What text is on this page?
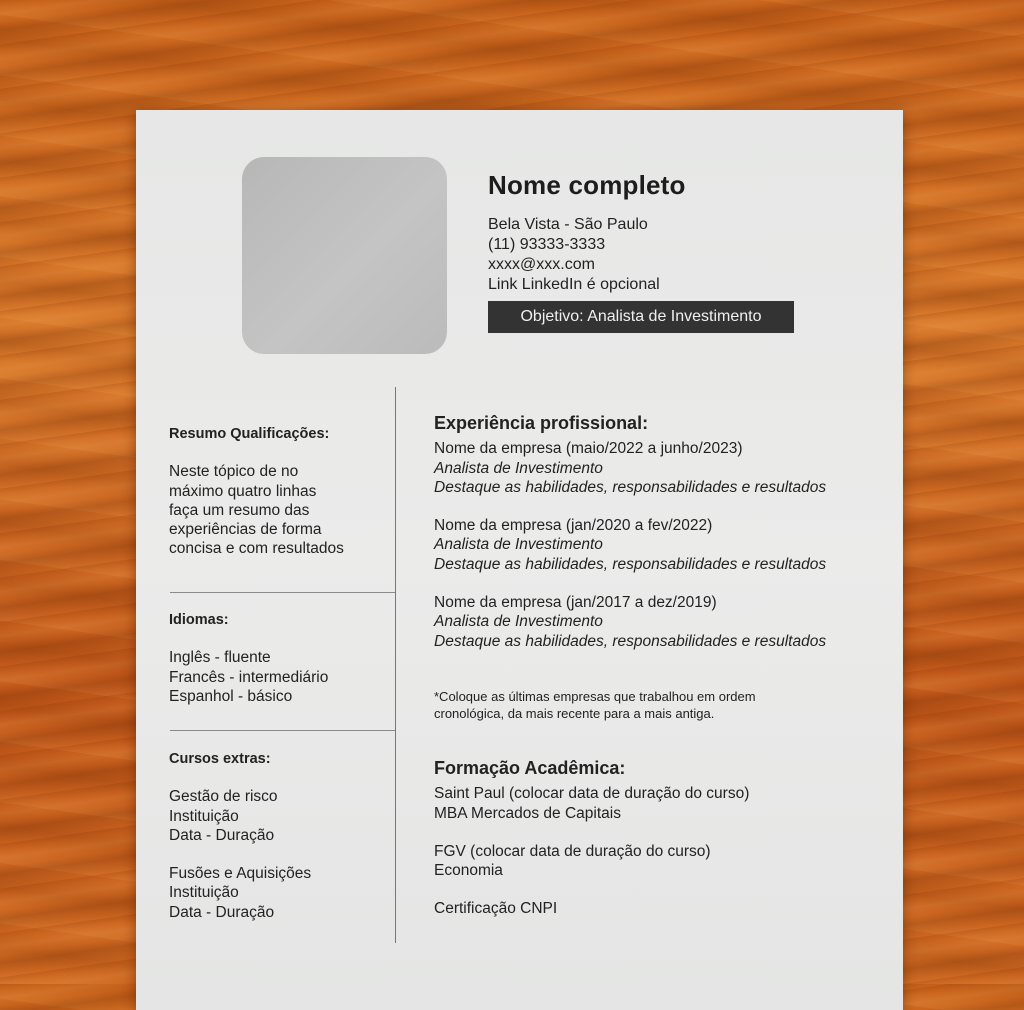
Nome completo
Bela Vista - São Paulo
(11) 93333-3333
xxxx@xxx.com
Link LinkedIn é opcional
Objetivo: Analista de Investimento
Resumo Qualificações:
Neste tópico de no
máximo quatro linhas
faça um resumo das
experiências de forma
concisa e com resultados
Idiomas:
Inglês - fluente
Francês - intermediário
Espanhol - básico
Cursos extras:
Gestão de risco
Instituição
Data - Duração
Fusões e Aquisições
Instituição
Data - Duração
Experiência profissional:
Nome da empresa (maio/2022 a junho/2023)
Analista de Investimento
Destaque as habilidades, responsabilidades e resultados
Nome da empresa (jan/2020 a fev/2022)
Analista de Investimento
Destaque as habilidades, responsabilidades e resultados
Nome da empresa (jan/2017 a dez/2019)
Analista de Investimento
Destaque as habilidades, responsabilidades e resultados
*Coloque as últimas empresas que trabalhou em ordem
cronológica, da mais recente para a mais antiga.
Formação Acadêmica:
Saint Paul (colocar data de duração do curso)
MBA Mercados de Capitais
FGV (colocar data de duração do curso)
Economia
Certificação CNPI
